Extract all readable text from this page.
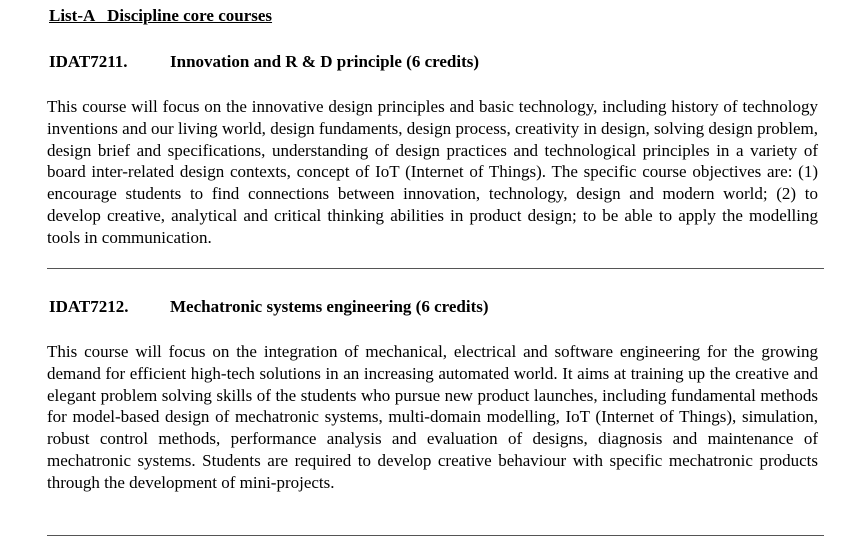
List-A   Discipline core courses
IDAT7211. Innovation and R & D principle (6 credits)

This course will focus on the innovative design principles and basic technology, including history of technology inventions and our living world, design fundaments, design process, creativity in design, solving design problem, design brief and specifications, understanding of design practices and technological principles in a variety of board inter-related design contexts, concept of IoT (Internet of Things). The specific course objectives are: (1) encourage students to find connections between innovation, technology, design and modern world; (2) to develop creative, analytical and critical thinking abilities in product design; to be able to apply the modelling tools in communication.

IDAT7212. Mechatronic systems engineering (6 credits)

This course will focus on the integration of mechanical, electrical and software engineering for the growing demand for efficient high-tech solutions in an increasing automated world. It aims at training up the creative and elegant problem solving skills of the students who pursue new product launches, including fundamental methods for model-based design of mechatronic systems, multi-domain modelling, IoT (Internet of Things), simulation, robust control methods, performance analysis and evaluation of designs, diagnosis and maintenance of mechatronic systems. Students are required to develop creative behaviour with specific mechatronic products through the development of mini-projects.
